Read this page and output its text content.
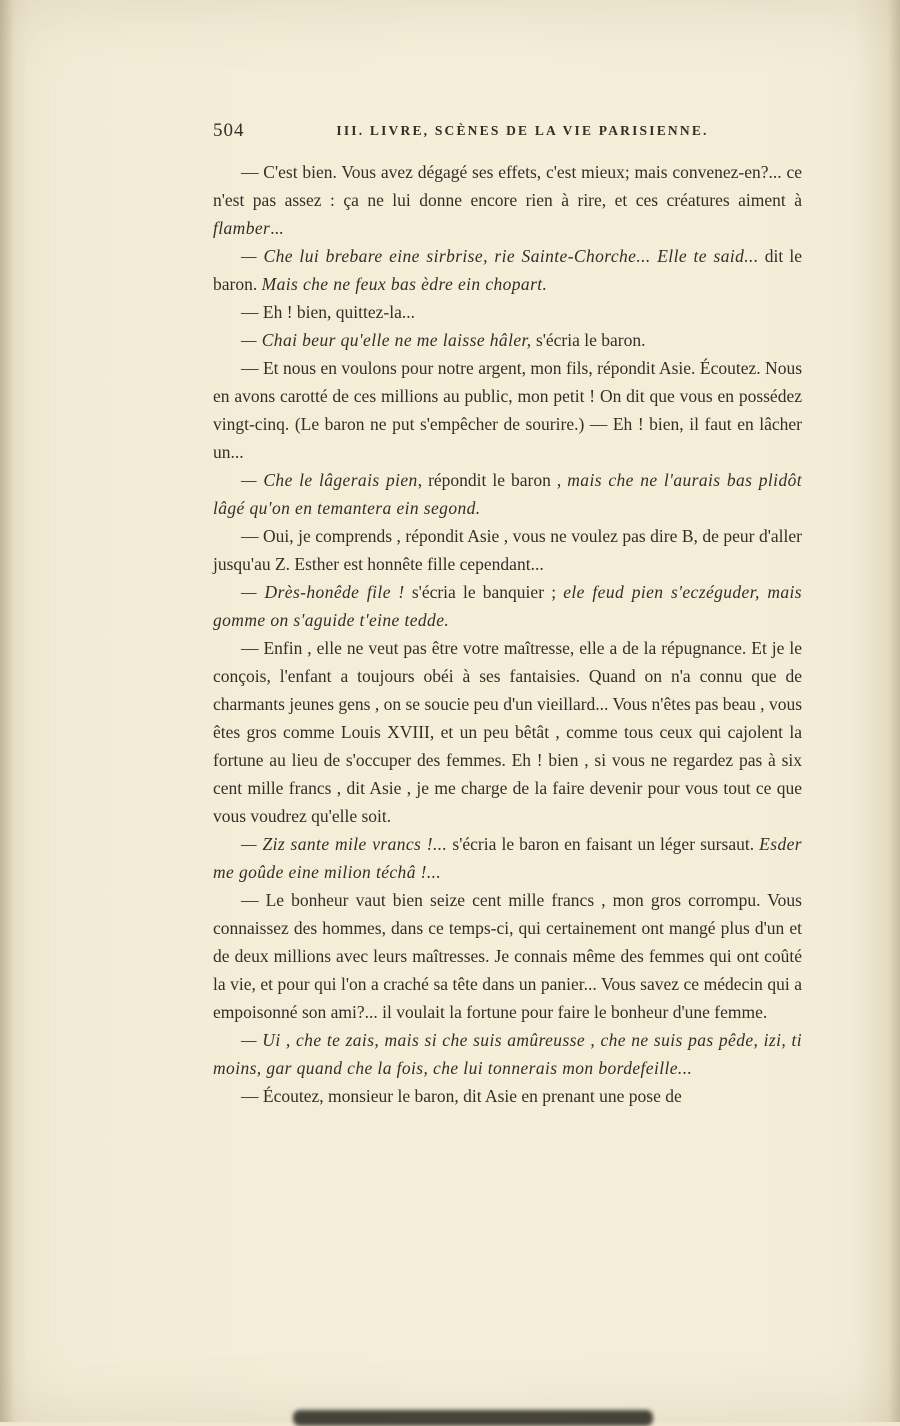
504	III. LIVRE, SCÈNES DE LA VIE PARISIENNE.

— C'est bien. Vous avez dégagé ses effets, c'est mieux; mais convenez-en?... ce n'est pas assez : ça ne lui donne encore rien à rire, et ces créatures aiment à flamber...

— Che lui brebare eine sirbrise, rie Sainte-Chorche... Elle te said... dit le baron. Mais che ne feux bas èdre ein chopart.

— Eh ! bien, quittez-la...

— Chai beur qu'elle ne me laisse hâler, s'écria le baron.

— Et nous en voulons pour notre argent, mon fils, répondit Asie. Écoutez. Nous en avons carotté de ces millions au public, mon petit ! On dit que vous en possédez vingt-cinq. (Le baron ne put s'empêcher de sourire.) — Eh ! bien, il faut en lâcher un...

— Che le lâgerais pien, répondit le baron , mais che ne l'aurais bas plidôt lâgé qu'on en temantera ein segond.

— Oui, je comprends , répondit Asie , vous ne voulez pas dire B, de peur d'aller jusqu'au Z. Esther est honnête fille cependant...

— Drès-honêde file ! s'écria le banquier ; ele feud pien s'eczéguder, mais gomme on s'aguide t'eine tedde.

— Enfin , elle ne veut pas être votre maîtresse, elle a de la répugnance. Et je le conçois, l'enfant a toujours obéi à ses fantaisies. Quand on n'a connu que de charmants jeunes gens , on se soucie peu d'un vieillard... Vous n'êtes pas beau , vous êtes gros comme Louis XVIII, et un peu bêtât , comme tous ceux qui cajolent la fortune au lieu de s'occuper des femmes. Eh ! bien , si vous ne regardez pas à six cent mille francs , dit Asie , je me charge de la faire devenir pour vous tout ce que vous voudrez qu'elle soit.

— Ziz sante mile vrancs !... s'écria le baron en faisant un léger sursaut. Esder me goûde eine milion téchâ !...

— Le bonheur vaut bien seize cent mille francs , mon gros corrompu. Vous connaissez des hommes, dans ce temps-ci, qui certainement ont mangé plus d'un et de deux millions avec leurs maîtresses. Je connais même des femmes qui ont coûté la vie, et pour qui l'on a craché sa tête dans un panier... Vous savez ce médecin qui a empoisonné son ami?... il voulait la fortune pour faire le bonheur d'une femme.

— Ui , che te zais, mais si che suis amûreusse , che ne suis pas pêde, izi, ti moins, gar quand che la fois, che lui tonnerais mon bordefeille...

— Écoutez, monsieur le baron, dit Asie en prenant une pose de
